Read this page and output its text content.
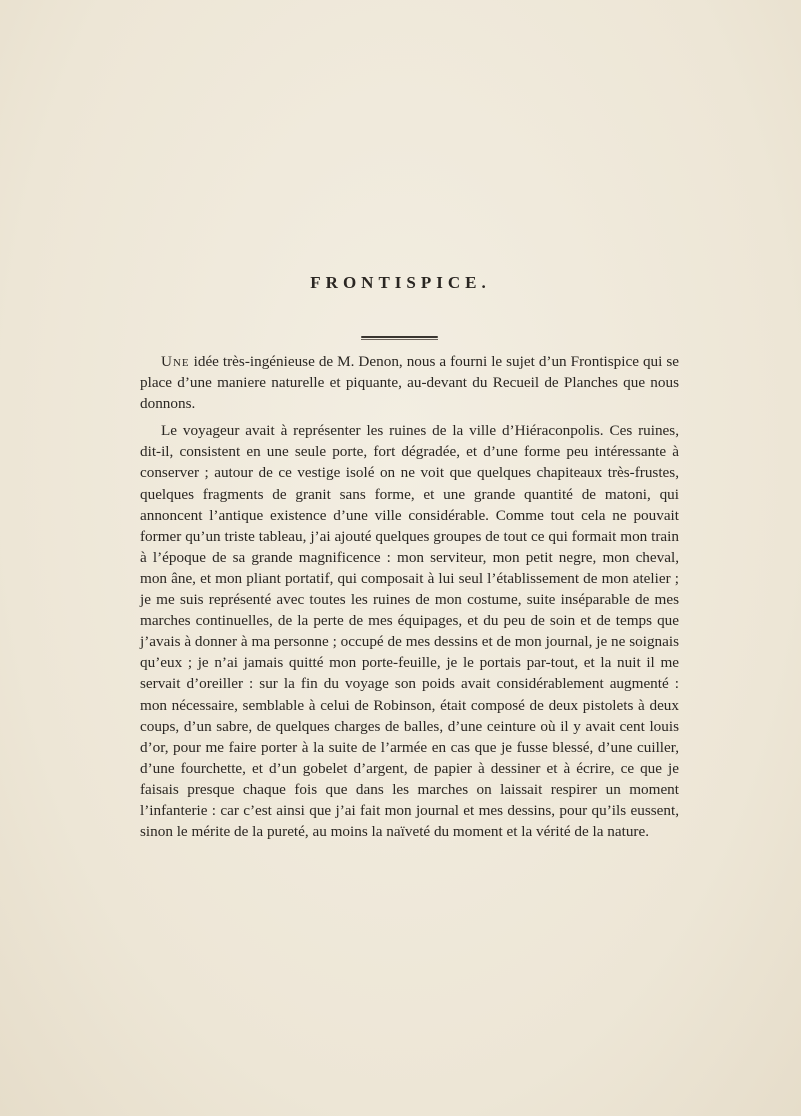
FRONTISPICE.

Une idée très-ingénieuse de M. Denon, nous a fourni le sujet d’un Frontispice qui se place d’une maniere naturelle et piquante, au-devant du Recueil de Planches que nous donnons.

Le voyageur avait à représenter les ruines de la ville d’Hiéraconpolis. Ces ruines, dit-il, consistent en une seule porte, fort dégradée, et d’une forme peu intéressante à conserver ; autour de ce vestige isolé on ne voit que quelques chapiteaux très-frustes, quelques fragments de granit sans forme, et une grande quantité de matoni, qui annoncent l’antique existence d’une ville considérable. Comme tout cela ne pouvait former qu’un triste tableau, j’ai ajouté quelques groupes de tout ce qui formait mon train à l’époque de sa grande magnificence : mon serviteur, mon petit negre, mon cheval, mon âne, et mon pliant portatif, qui composait à lui seul l’établissement de mon atelier ; je me suis représenté avec toutes les ruines de mon costume, suite inséparable de mes marches continuelles, de la perte de mes équipages, et du peu de soin et de temps que j’avais à donner à ma personne ; occupé de mes dessins et de mon journal, je ne soignais qu’eux ; je n’ai jamais quitté mon porte-feuille, je le portais par-tout, et la nuit il me servait d’oreiller : sur la fin du voyage son poids avait considérablement augmenté : mon nécessaire, semblable à celui de Robinson, était composé de deux pistolets à deux coups, d’un sabre, de quelques charges de balles, d’une ceinture où il y avait cent louis d’or, pour me faire porter à la suite de l’armée en cas que je fusse blessé, d’une cuiller, d’une fourchette, et d’un gobelet d’argent, de papier à dessiner et à écrire, ce que je faisais presque chaque fois que dans les marches on laissait respirer un moment l’infanterie : car c’est ainsi que j’ai fait mon journal et mes dessins, pour qu’ils eussent, sinon le mérite de la pureté, au moins la naïveté du moment et la vérité de la nature.
